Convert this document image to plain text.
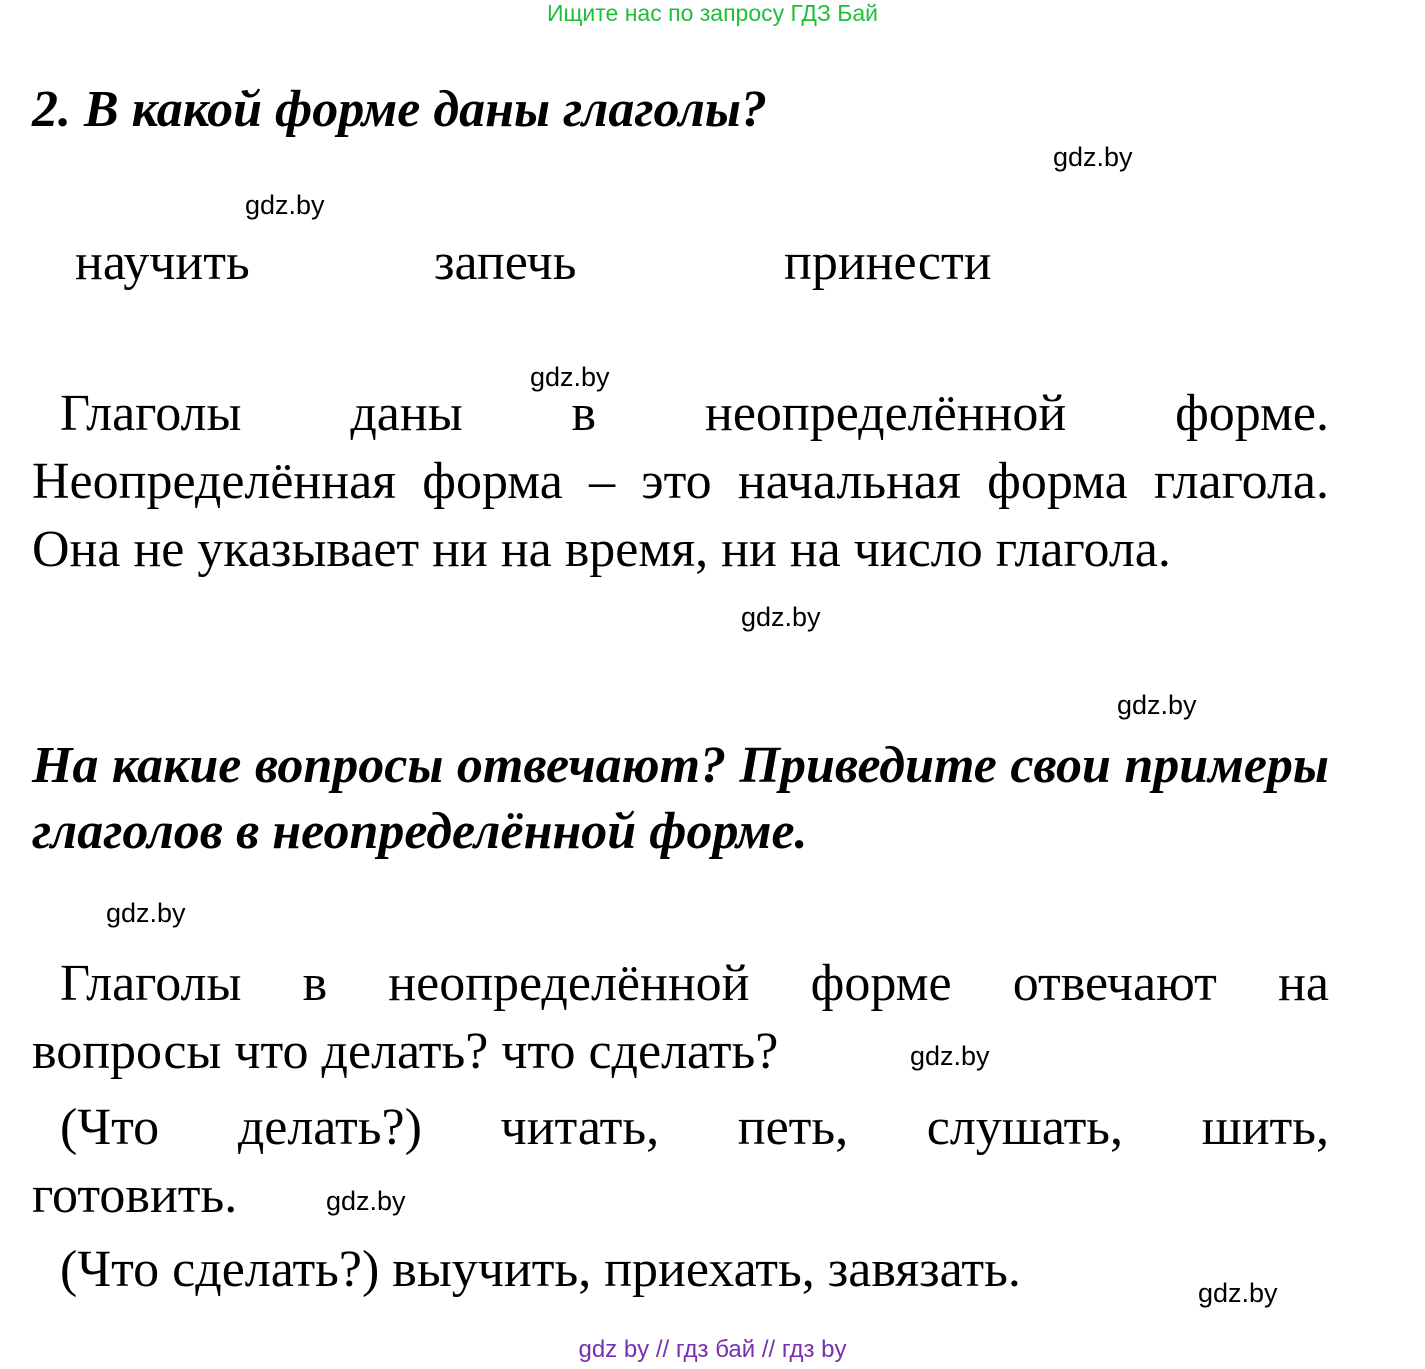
Ищите нас по запросу ГДЗ Бай
2. В какой форме даны глаголы?
gdz.by
gdz.by
научить	запечь	принести
gdz.by
Глаголы даны в неопределённой форме.
Неопределённая форма – это начальная форма глагола. Она не указывает ни на время, ни на число глагола.
gdz.by
gdz.by
На какие вопросы отвечают? Приведите свои примеры глаголов в неопределённой форме.
gdz.by
Глаголы в неопределённой форме отвечают на
вопросы что делать? что сделать?	gdz.by
(Что делать?) читать, петь, слушать, шить,
готовить.	gdz.by
(Что сделать?) выучить, приехать, завязать.	gdz.by
gdz by // гдз бай // гдз by
